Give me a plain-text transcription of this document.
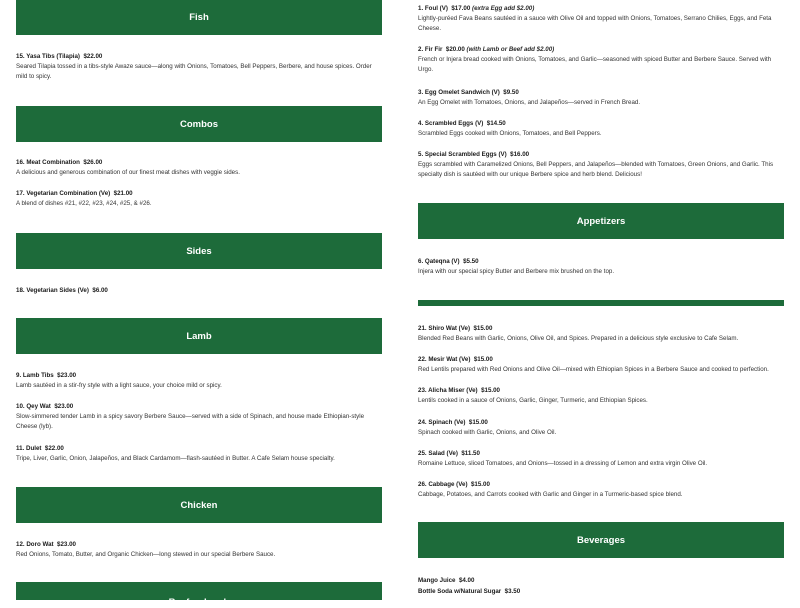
Fish
15. Yasa Tibs (Tilapia) $22.00
Seared Tilapia tossed in a tibs-style Awaze sauce—along with Onions, Tomatoes, Bell Peppers, Berbere, and house spices. Order mild to spicy.
Combos
16. Meat Combination $26.00
A delicious and generous combination of our finest meat dishes with veggie sides.
17. Vegetarian Combination (Ve) $21.00
A blend of dishes #21, #22, #23, #24, #25, & #26.
Sides
18. Vegetarian Sides (Ve) $6.00
Lamb
9. Lamb Tibs $23.00
Lamb sautéed in a stir-fry style with a light sauce, your choice mild or spicy.
10. Qey Wat $23.00
Slow-simmered tender Lamb in a spicy savory Berbere Sauce—served with a side of Spinach, and house made Ethiopian-style Cheese (lyb).
11. Dulet $22.00
Tripe, Liver, Garlic, Onion, Jalapeños, and Black Cardamom—flash-sautéed in Butter. A Cafe Selam house specialty.
Chicken
12. Doro Wat $23.00
Red Onions, Tomato, Butter, and Organic Chicken—long stewed in our special Berbere Sauce.
Beef or Lamb
1. Foul (V) $17.00 (extra Egg add $2.00)
Lightly-puréed Fava Beans sautéed in a sauce with Olive Oil and topped with Onions, Tomatoes, Serrano Chilies, Eggs, and Feta Cheese.
2. Fir Fir $20.00 (with Lamb or Beef add $2.00)
French or Injera bread cooked with Onions, Tomatoes, and Garlic—seasoned with spiced Butter and Berbere Sauce. Served with Urgo.
3. Egg Omelet Sandwich (V) $9.50
An Egg Omelet with Tomatoes, Onions, and Jalapeños—served in French Bread.
4. Scrambled Eggs (V) $14.50
Scrambled Eggs cooked with Onions, Tomatoes, and Bell Peppers.
5. Special Scrambled Eggs (V) $16.00
Eggs scrambled with Caramelized Onions, Bell Peppers, and Jalapeños—blended with Tomatoes, Green Onions, and Garlic. This specialty dish is sautéed with our unique Berbere spice and herb blend. Delicious!
Appetizers
6. Qateqna (V) $5.50
Injera with our special spicy Butter and Berbere mix brushed on the top.
21. Shiro Wat (Ve) $15.00
Blended Red Beans with Garlic, Onions, Olive Oil, and Spices. Prepared in a delicious style exclusive to Cafe Selam.
22. Mesir Wat (Ve) $15.00
Red Lentils prepared with Red Onions and Olive Oil—mixed with Ethiopian Spices in a Berbere Sauce and cooked to perfection.
23. Alicha Miser (Ve) $15.00
Lentils cooked in a sauce of Onions, Garlic, Ginger, Turmeric, and Ethiopian Spices.
24. Spinach (Ve) $15.00
Spinach cooked with Garlic, Onions, and Olive Oil.
25. Salad (Ve) $11.50
Romaine Lettuce, sliced Tomatoes, and Onions—tossed in a dressing of Lemon and extra virgin Olive Oil.
26. Cabbage (Ve) $15.00
Cabbage, Potatoes, and Carrots cooked with Garlic and Ginger in a Turmeric-based spice blend.
Beverages
Mango Juice $4.00
Bottle Soda w/Natural Sugar $3.50
